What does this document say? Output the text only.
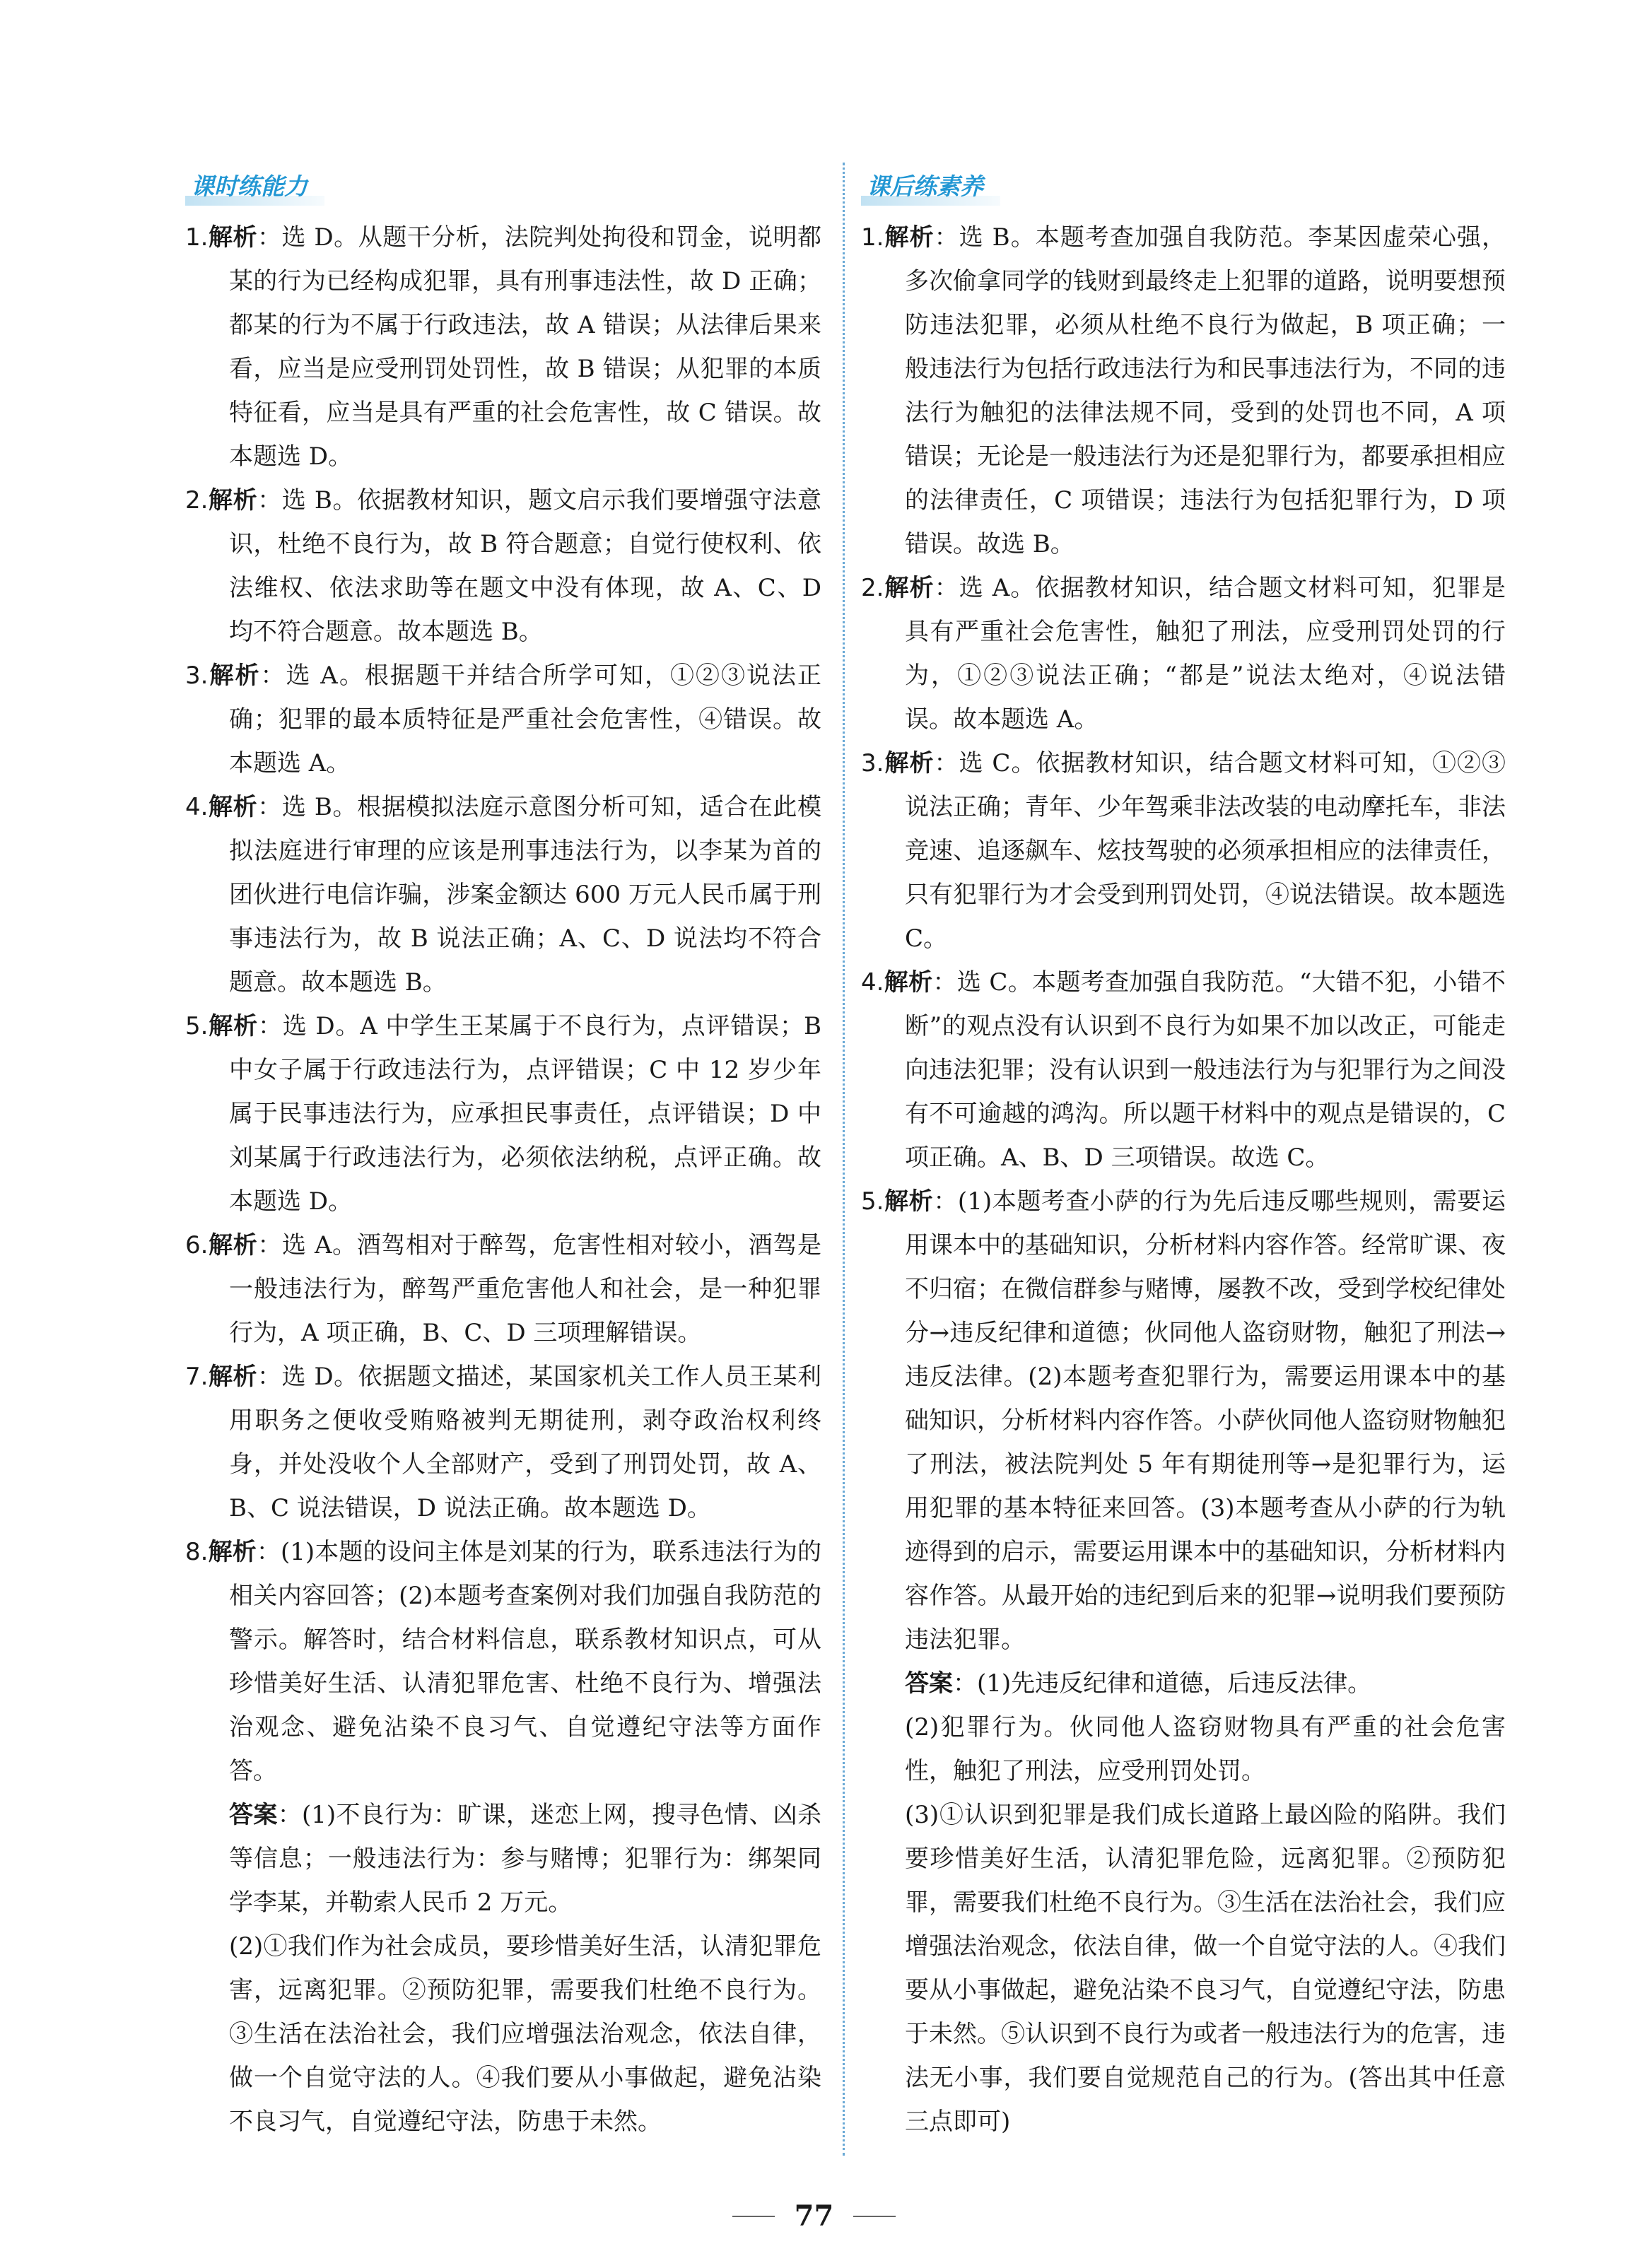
课时练能力

1.解析：选 D。从题干分析，法院判处拘役和罚金，说明都某的行为已经构成犯罪，具有刑事违法性，故 D 正确；都某的行为不属于行政违法，故 A 错误；从法律后果来看，应当是应受刑罚处罚性，故 B 错误；从犯罪的本质特征看，应当是具有严重的社会危害性，故 C 错误。故本题选 D。

2.解析：选 B。依据教材知识，题文启示我们要增强守法意识，杜绝不良行为，故 B 符合题意；自觉行使权利、依法维权、依法求助等在题文中没有体现，故 A、C、D 均不符合题意。故本题选 B。

3.解析：选 A。根据题干并结合所学可知，①②③说法正确；犯罪的最本质特征是严重社会危害性，④错误。故本题选 A。

4.解析：选 B。根据模拟法庭示意图分析可知，适合在此模拟法庭进行审理的应该是刑事违法行为，以李某为首的团伙进行电信诈骗，涉案金额达 600 万元人民币属于刑事违法行为，故 B 说法正确；A、C、D 说法均不符合题意。故本题选 B。

5.解析：选 D。A 中学生王某属于不良行为，点评错误；B 中女子属于行政违法行为，点评错误；C 中 12 岁少年属于民事违法行为，应承担民事责任，点评错误；D 中刘某属于行政违法行为，必须依法纳税，点评正确。故本题选 D。

6.解析：选 A。酒驾相对于醉驾，危害性相对较小，酒驾是一般违法行为，醉驾严重危害他人和社会，是一种犯罪行为，A 项正确，B、C、D 三项理解错误。

7.解析：选 D。依据题文描述，某国家机关工作人员王某利用职务之便收受贿赂被判无期徒刑，剥夺政治权利终身，并处没收个人全部财产，受到了刑罚处罚，故 A、B、C 说法错误，D 说法正确。故本题选 D。

8.解析：(1)本题的设问主体是刘某的行为，联系违法行为的相关内容回答；(2)本题考查案例对我们加强自我防范的警示。解答时，结合材料信息，联系教材知识点，可从珍惜美好生活、认清犯罪危害、杜绝不良行为、增强法治观念、避免沾染不良习气、自觉遵纪守法等方面作答。

答案：(1)不良行为：旷课，迷恋上网，搜寻色情、凶杀等信息；一般违法行为：参与赌博；犯罪行为：绑架同学李某，并勒索人民币 2 万元。

(2)①我们作为社会成员，要珍惜美好生活，认清犯罪危害，远离犯罪。②预防犯罪，需要我们杜绝不良行为。③生活在法治社会，我们应增强法治观念，依法自律，做一个自觉守法的人。④我们要从小事做起，避免沾染不良习气，自觉遵纪守法，防患于未然。

课后练素养

1.解析：选 B。本题考查加强自我防范。李某因虚荣心强，多次偷拿同学的钱财到最终走上犯罪的道路，说明要想预防违法犯罪，必须从杜绝不良行为做起，B 项正确；一般违法行为包括行政违法行为和民事违法行为，不同的违法行为触犯的法律法规不同，受到的处罚也不同，A 项错误；无论是一般违法行为还是犯罪行为，都要承担相应的法律责任，C 项错误；违法行为包括犯罪行为，D 项错误。故选 B。

2.解析：选 A。依据教材知识，结合题文材料可知，犯罪是具有严重社会危害性，触犯了刑法，应受刑罚处罚的行为，①②③说法正确；“都是”说法太绝对，④说法错误。故本题选 A。

3.解析：选 C。依据教材知识，结合题文材料可知，①②③说法正确；青年、少年驾乘非法改装的电动摩托车，非法竞速、追逐飙车、炫技驾驶的必须承担相应的法律责任，只有犯罪行为才会受到刑罚处罚，④说法错误。故本题选 C。

4.解析：选 C。本题考查加强自我防范。“大错不犯，小错不断”的观点没有认识到不良行为如果不加以改正，可能走向违法犯罪；没有认识到一般违法行为与犯罪行为之间没有不可逾越的鸿沟。所以题干材料中的观点是错误的，C 项正确。A、B、D 三项错误。故选 C。

5.解析：(1)本题考查小萨的行为先后违反哪些规则，需要运用课本中的基础知识，分析材料内容作答。经常旷课、夜不归宿；在微信群参与赌博，屡教不改，受到学校纪律处分→违反纪律和道德；伙同他人盗窃财物，触犯了刑法→违反法律。(2)本题考查犯罪行为，需要运用课本中的基础知识，分析材料内容作答。小萨伙同他人盗窃财物触犯了刑法，被法院判处 5 年有期徒刑等→是犯罪行为，运用犯罪的基本特征来回答。(3)本题考查从小萨的行为轨迹得到的启示，需要运用课本中的基础知识，分析材料内容作答。从最开始的违纪到后来的犯罪→说明我们要预防违法犯罪。

答案：(1)先违反纪律和道德，后违反法律。

(2)犯罪行为。伙同他人盗窃财物具有严重的社会危害性，触犯了刑法，应受刑罚处罚。

(3)①认识到犯罪是我们成长道路上最凶险的陷阱。我们要珍惜美好生活，认清犯罪危险，远离犯罪。②预防犯罪，需要我们杜绝不良行为。③生活在法治社会，我们应增强法治观念，依法自律，做一个自觉守法的人。④我们要从小事做起，避免沾染不良习气，自觉遵纪守法，防患于未然。⑤认识到不良行为或者一般违法行为的危害，违法无小事，我们要自觉规范自己的行为。(答出其中任意三点即可)

77
